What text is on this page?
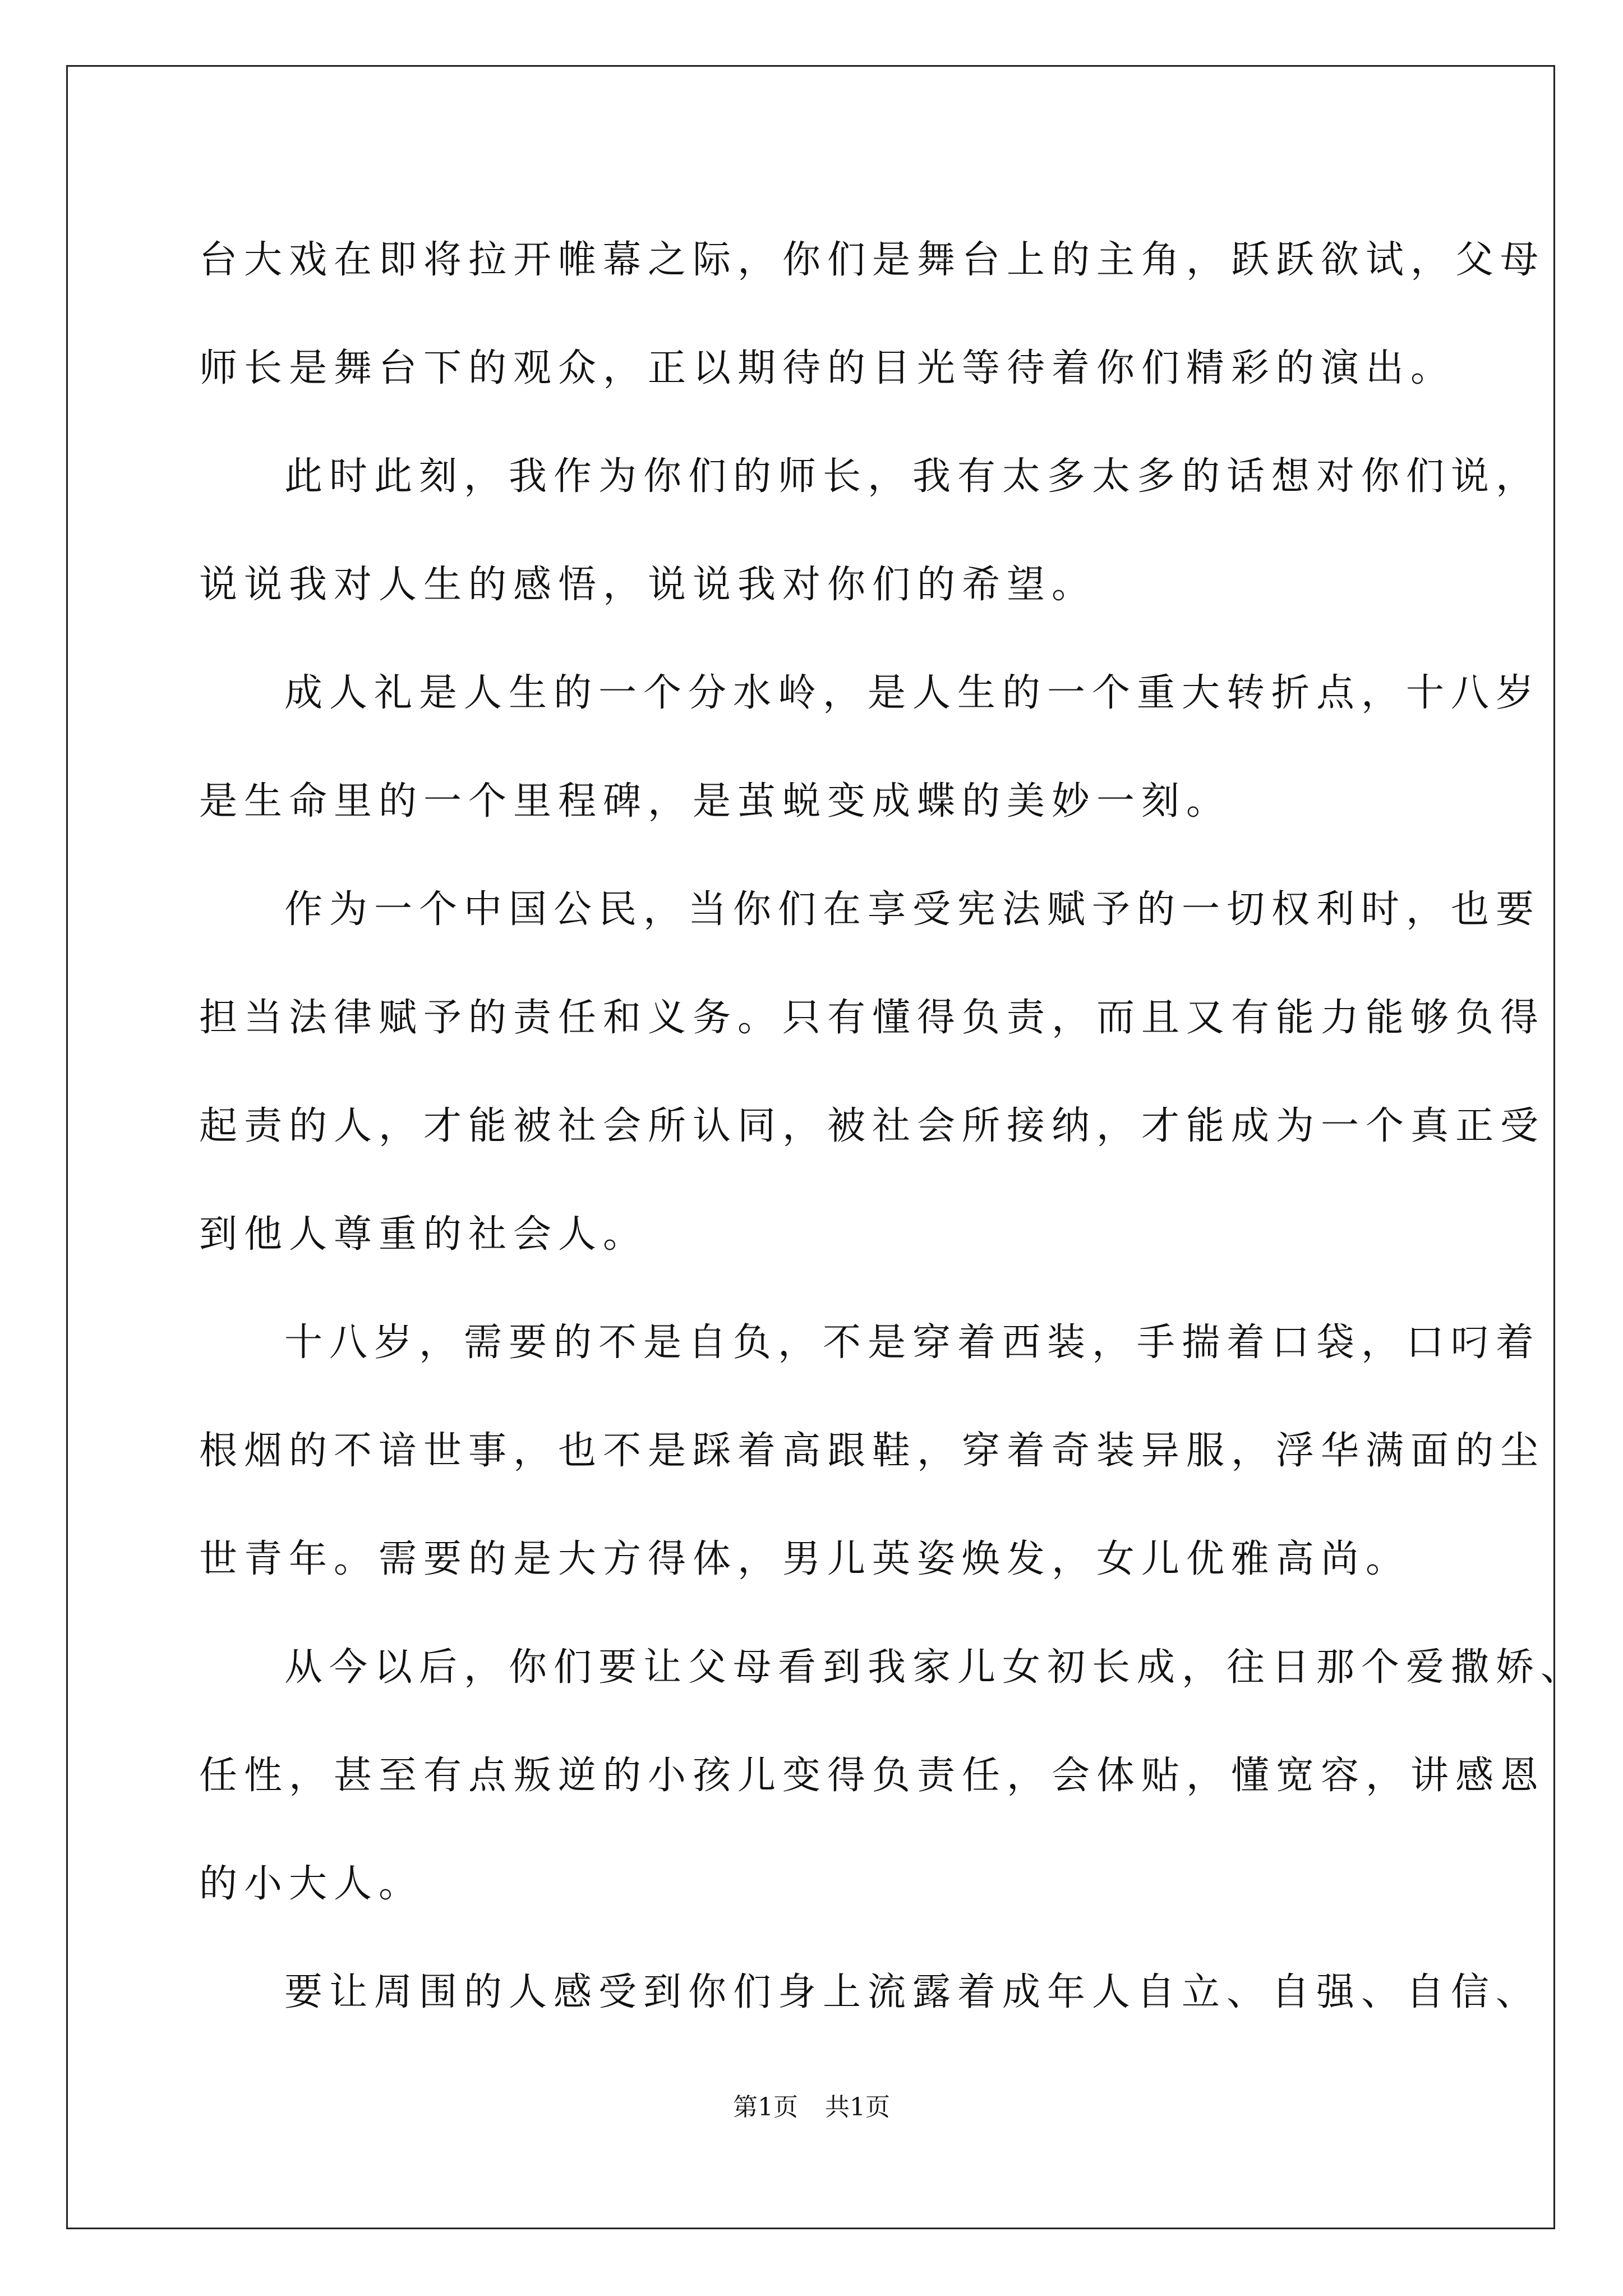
台大戏在即将拉开帷幕之际，你们是舞台上的主角，跃跃欲试，父母
师长是舞台下的观众，正以期待的目光等待着你们精彩的演出。
此时此刻，我作为你们的师长，我有太多太多的话想对你们说，
说说我对人生的感悟，说说我对你们的希望。
成人礼是人生的一个分水岭，是人生的一个重大转折点，十八岁
是生命里的一个里程碑，是茧蜕变成蝶的美妙一刻。
作为一个中国公民，当你们在享受宪法赋予的一切权利时，也要
担当法律赋予的责任和义务。只有懂得负责，而且又有能力能够负得
起责的人，才能被社会所认同，被社会所接纳，才能成为一个真正受
到他人尊重的社会人。
十八岁，需要的不是自负，不是穿着西装，手揣着口袋，口叼着
根烟的不谙世事，也不是踩着高跟鞋，穿着奇装异服，浮华满面的尘
世青年。需要的是大方得体，男儿英姿焕发，女儿优雅高尚。
从今以后，你们要让父母看到我家儿女初长成，往日那个爱撒娇、
任性，甚至有点叛逆的小孩儿变得负责任，会体贴，懂宽容，讲感恩
的小大人。
要让周围的人感受到你们身上流露着成年人自立、自强、自信、
第1页 共1页
